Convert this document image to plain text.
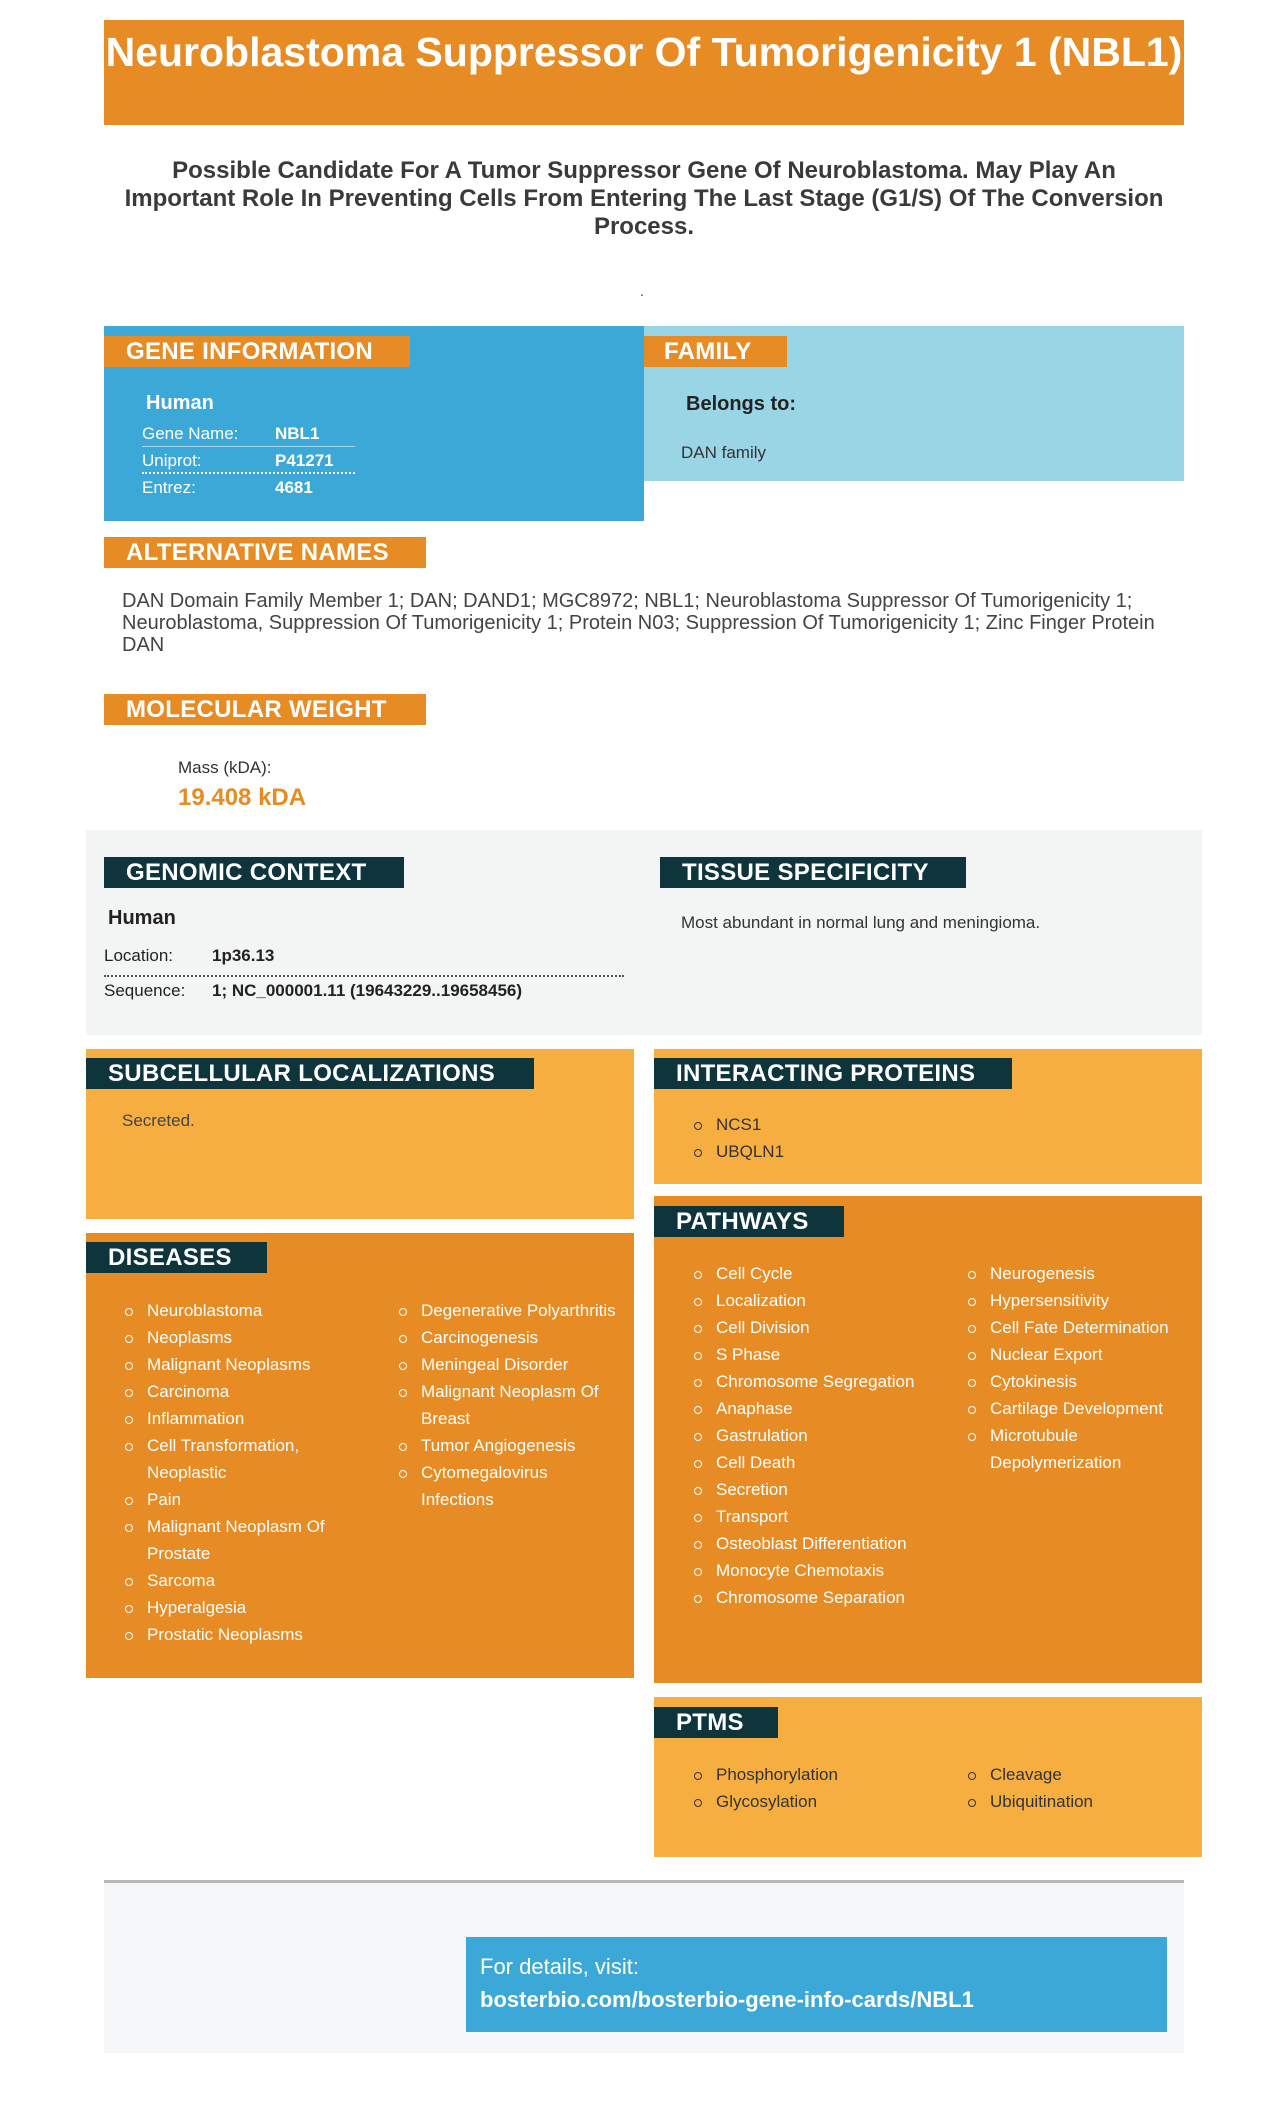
Neuroblastoma Suppressor Of Tumorigenicity 1 (NBL1)
Possible Candidate For A Tumor Suppressor Gene Of Neuroblastoma. May Play An Important Role In Preventing Cells From Entering The Last Stage (G1/S) Of The Conversion Process.
.
GENE INFORMATION
Human
Gene Name:	NBL1
Uniprot:	P41271
Entrez:	4681
FAMILY
Belongs to:
DAN family
ALTERNATIVE NAMES
DAN Domain Family Member 1; DAN; DAND1; MGC8972; NBL1; Neuroblastoma Suppressor Of Tumorigenicity 1; Neuroblastoma, Suppression Of Tumorigenicity 1; Protein N03; Suppression Of Tumorigenicity 1; Zinc Finger Protein DAN
MOLECULAR WEIGHT
Mass (kDA):
19.408 kDA
GENOMIC CONTEXT
Human
Location:	1p36.13
Sequence:	1; NC_000001.11 (19643229..19658456)
TISSUE SPECIFICITY
Most abundant in normal lung and meningioma.
SUBCELLULAR LOCALIZATIONS
Secreted.
INTERACTING PROTEINS
NCS1
UBQLN1
DISEASES
Neuroblastoma
Neoplasms
Malignant Neoplasms
Carcinoma
Inflammation
Cell Transformation, Neoplastic
Pain
Malignant Neoplasm Of Prostate
Sarcoma
Hyperalgesia
Prostatic Neoplasms
Degenerative Polyarthritis
Carcinogenesis
Meningeal Disorder
Malignant Neoplasm Of Breast
Tumor Angiogenesis
Cytomegalovirus Infections
PATHWAYS
Cell Cycle
Localization
Cell Division
S Phase
Chromosome Segregation
Anaphase
Gastrulation
Cell Death
Secretion
Transport
Osteoblast Differentiation
Monocyte Chemotaxis
Chromosome Separation
Neurogenesis
Hypersensitivity
Cell Fate Determination
Nuclear Export
Cytokinesis
Cartilage Development
Microtubule Depolymerization
PTMS
Phosphorylation
Glycosylation
Cleavage
Ubiquitination
For details, visit:
bosterbio.com/bosterbio-gene-info-cards/NBL1
